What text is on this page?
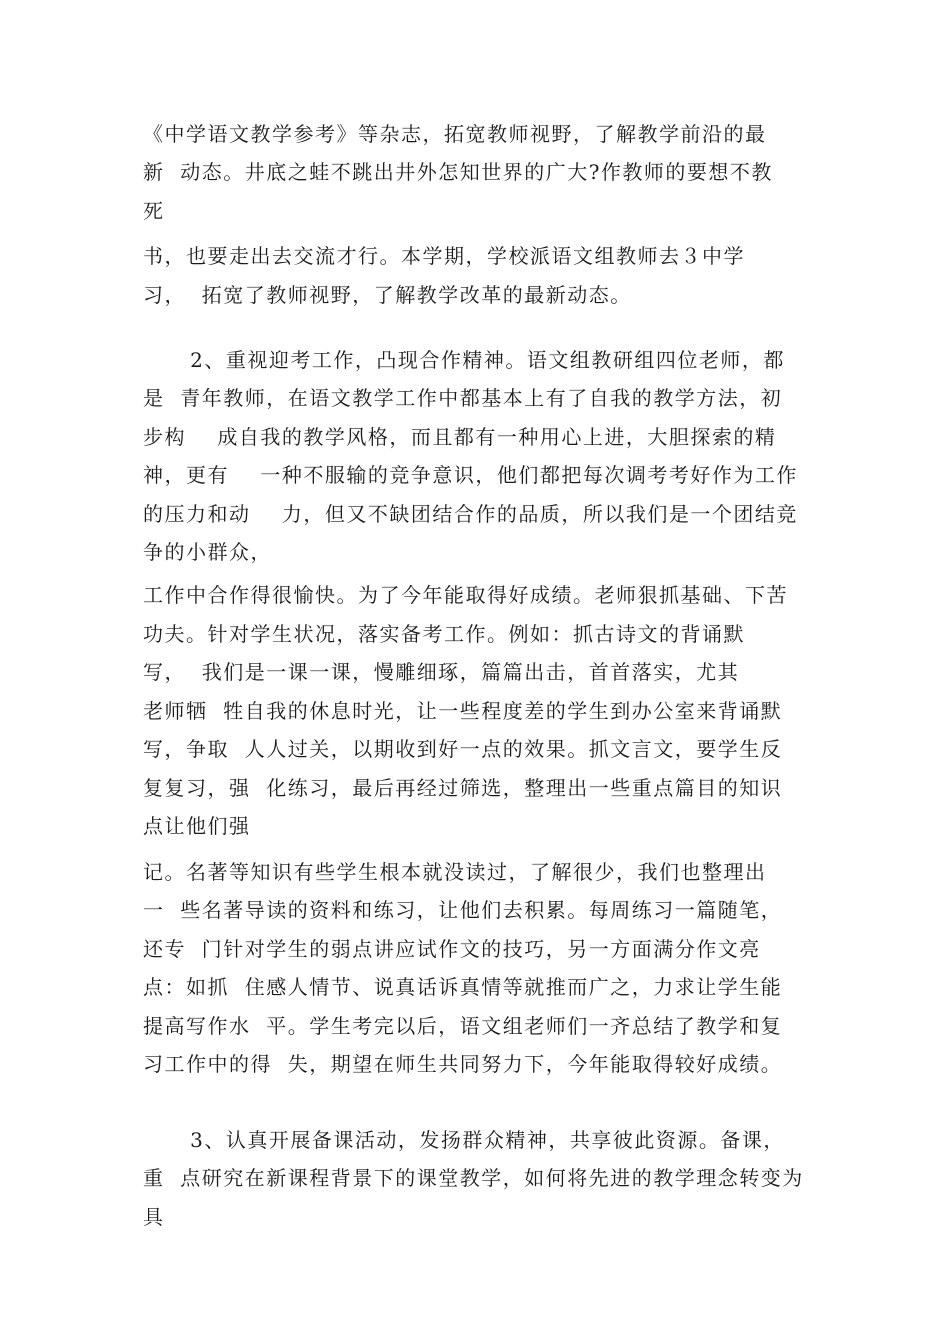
《中学语文教学参考》等杂志，拓宽教师视野，了解教学前沿的最
新  动态。井底之蛙不跳出井外怎知世界的广大?作教师的要想不教
死
书，也要走出去交流才行。本学期，学校派语文组教师去３中学
习，  拓宽了教师视野，了解教学改革的最新动态。
2、重视迎考工作，凸现合作精神。语文组教研组四位老师，都
是  青年教师，在语文教学工作中都基本上有了自我的教学方法，初
步构    成自我的教学风格，而且都有一种用心上进，大胆探索的精
神，更有    一种不服输的竞争意识，他们都把每次调考考好作为工作
的压力和动    力，但又不缺团结合作的品质，所以我们是一个团结竞
争的小群众，
工作中合作得很愉快。为了今年能取得好成绩。老师狠抓基础、下苦
功夫。针对学生状况，落实备考工作。例如：抓古诗文的背诵默
写，  我们是一课一课，慢雕细琢，篇篇出击，首首落实，尤其
老师牺  牲自我的休息时光，让一些程度差的学生到办公室来背诵默
写，争取  人人过关，以期收到好一点的效果。抓文言文，要学生反
复复习，强  化练习，最后再经过筛选，整理出一些重点篇目的知识
点让他们强
记。名著等知识有些学生根本就没读过，了解很少，我们也整理出
一  些名著导读的资料和练习，让他们去积累。每周练习一篇随笔，
还专  门针对学生的弱点讲应试作文的技巧，另一方面满分作文亮
点：如抓  住感人情节、说真话诉真情等就推而广之，力求让学生能
提高写作水  平。学生考完以后，语文组老师们一齐总结了教学和复
习工作中的得  失，期望在师生共同努力下，今年能取得较好成绩。
3、认真开展备课活动，发扬群众精神，共享彼此资源。备课，
重  点研究在新课程背景下的课堂教学，如何将先进的教学理念转变为
具
